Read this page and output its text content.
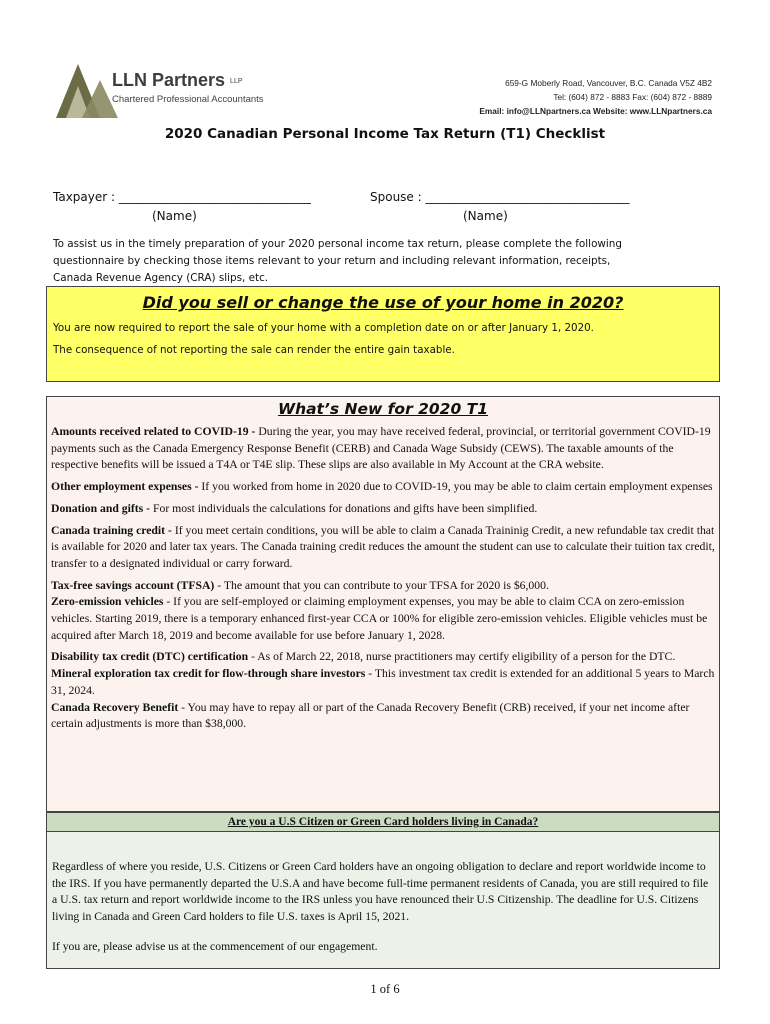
LLN Partners LLP
Chartered Professional Accountants
659-G Moberly Road, Vancouver, B.C. Canada V5Z 4B2
Tel: (604) 872 - 8883 Fax: (604) 872 - 8889
Email: info@LLNpartners.ca Website: www.LLNpartners.ca
2020 Canadian Personal Income Tax Return (T1) Checklist
Taxpayer : ________________________________	Spouse : __________________________________
(Name)	(Name)
To assist us in the timely preparation of your 2020 personal income tax return, please complete the following questionnaire by checking those items relevant to your return and including relevant information, receipts, Canada Revenue Agency (CRA) slips, etc.
Did you sell or change the use of your home in 2020?

You are now required to report the sale of your home with a completion date on or after January 1, 2020.

The consequence of not reporting the sale can render the entire gain taxable.

What’s New for 2020 T1

Amounts received related to COVID-19 - During the year, you may have received federal, provincial, or territorial government COVID-19 payments such as the Canada Emergency Response Benefit (CERB) and Canada Wage Subsidy (CEWS). The taxable amounts of the respective benefits will be issued a T4A or T4E slip. These slips are also available in My Account at the CRA website.

Other employment expenses - If you worked from home in 2020 due to COVID-19, you may be able to claim certain employment expenses

Donation and gifts - For most individuals the calculations for donations and gifts have been simplified.

Canada training credit - If you meet certain conditions, you will be able to claim a Canada Traininig Credit, a new refundable tax credit that is available for 2020 and later tax years. The Canada training credit reduces the amount the student can use to calculate their tuition tax credit, transfer to a designated individual or carry forward.

Tax-free savings account (TFSA) - The amount that you can contribute to your TFSA for 2020 is $6,000.

Zero-emission vehicles - If you are self-employed or claiming employment expenses, you may be able to claim CCA on zero-emission vehicles. Starting 2019, there is a temporary enhanced first-year CCA or 100% for eligible zero-emission vehicles. Eligible vehicles must be acquired after March 18, 2019 and become available for use before January 1, 2028.

Disability tax credit (DTC) certification - As of March 22, 2018, nurse practitioners may certify eligibility of a person for the DTC.

Mineral exploration tax credit for flow-through share investors - This investment tax credit is extended for an additional 5 years to March 31, 2024.

Canada Recovery Benefit - You may have to repay all or part of the Canada Recovery Benefit (CRB) received, if your net income after certain adjustments is more than $38,000.

Are you a U.S Citizen or Green Card holders living in Canada?

Regardless of where you reside, U.S. Citizens or Green Card holders have an ongoing obligation to declare and report worldwide income to the IRS. If you have permanently departed the U.S.A and have become full-time permanent residents of Canada, you are still required to file a U.S. tax return and report worldwide income to the IRS unless you have renounced their U.S Citizenship. The deadline for U.S. Citizens living in Canada and Green Card holders to file U.S. taxes is April 15, 2021.

If you are, please advise us at the commencement of our engagement.

1 of 6
